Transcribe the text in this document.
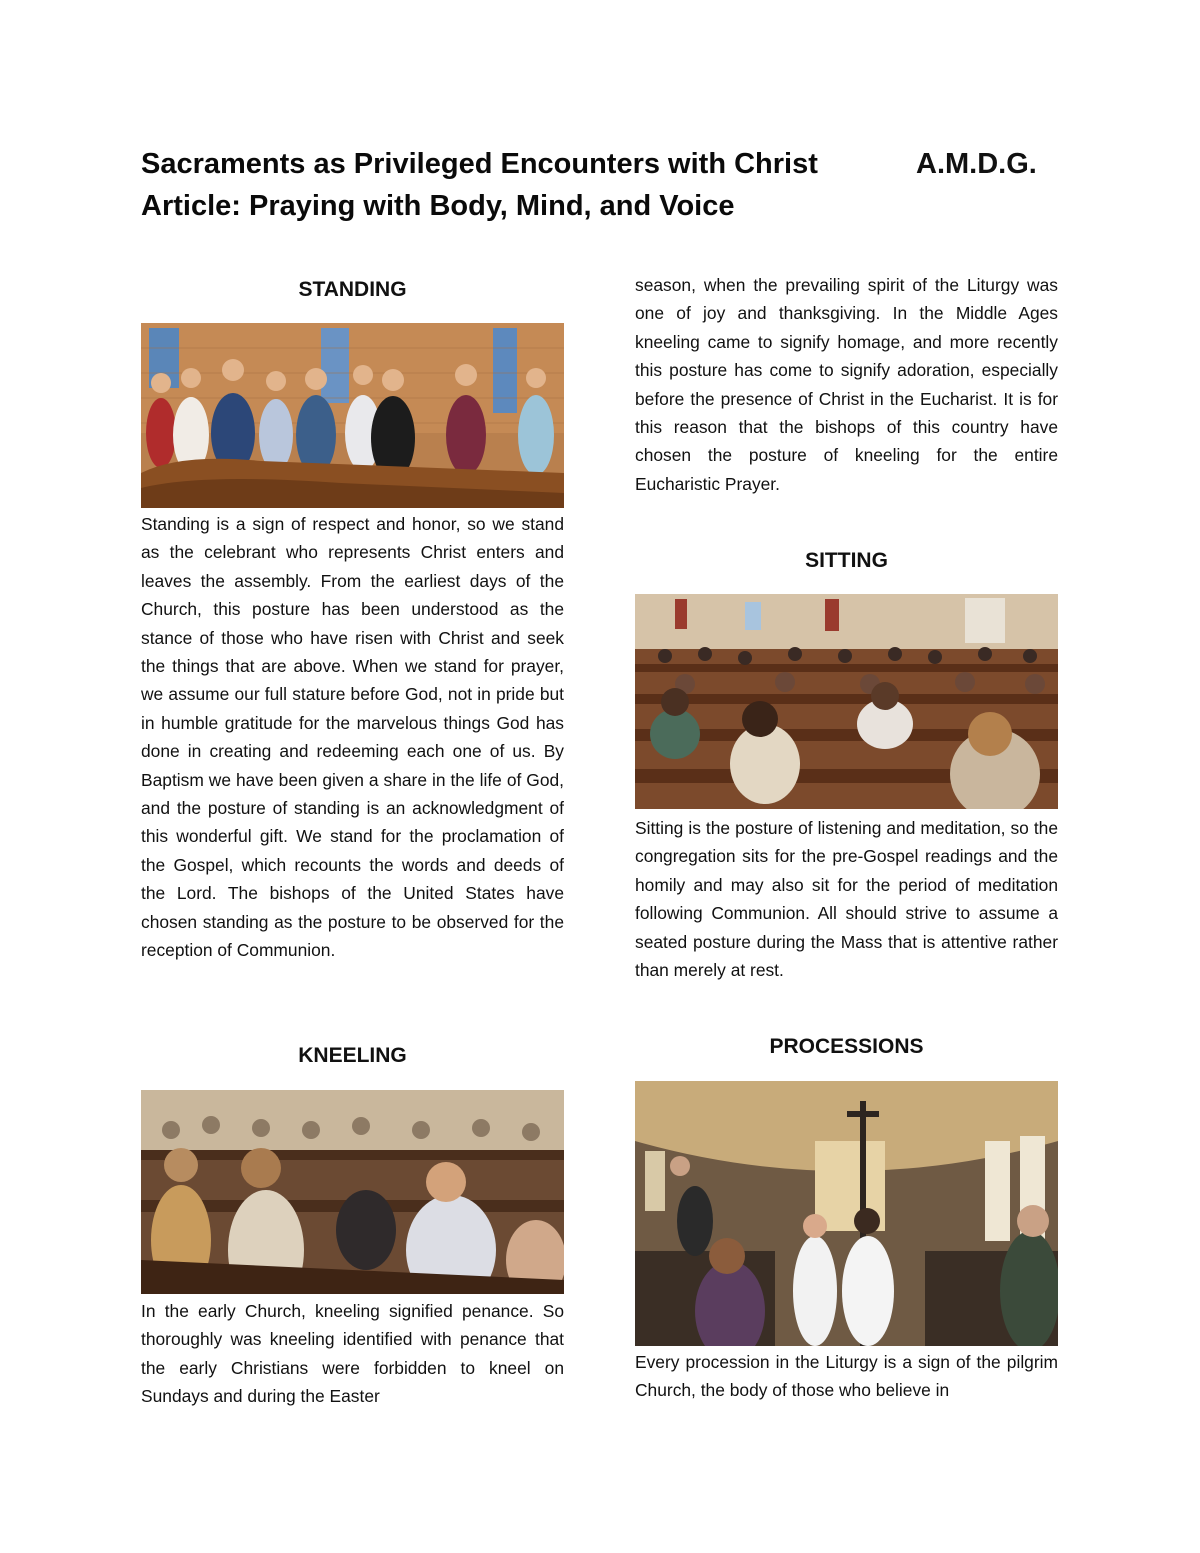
Sacraments as Privileged Encounters with Christ	A.M.D.G.
Article: Praying with Body, Mind, and Voice
STANDING

Standing is a sign of respect and honor, so we stand as the celebrant who represents Christ enters and leaves the assembly. From the earliest days of the Church, this posture has been understood as the stance of those who have risen with Christ and seek the things that are above. When we stand for prayer, we assume our full stature before God, not in pride but in humble gratitude for the marvelous things God has done in creating and redeeming each one of us. By Baptism we have been given a share in the life of God, and the posture of standing is an acknowledgment of this wonderful gift. We stand for the proclamation of the Gospel, which recounts the words and deeds of the Lord. The bishops of the United States have chosen standing as the posture to be observed for the reception of Communion.

KNEELING

In the early Church, kneeling signified penance. So thoroughly was kneeling identified with penance that the early Christians were forbidden to kneel on Sundays and during the Easter

season, when the prevailing spirit of the Liturgy was one of joy and thanksgiving. In the Middle Ages kneeling came to signify homage, and more recently this posture has come to signify adoration, especially before the presence of Christ in the Eucharist. It is for this reason that the bishops of this country have chosen the posture of kneeling for the entire Eucharistic Prayer.

SITTING

Sitting is the posture of listening and meditation, so the congregation sits for the pre-Gospel readings and the homily and may also sit for the period of meditation following Communion. All should strive to assume a seated posture during the Mass that is attentive rather than merely at rest.

PROCESSIONS

Every procession in the Liturgy is a sign of the pilgrim Church, the body of those who believe in
